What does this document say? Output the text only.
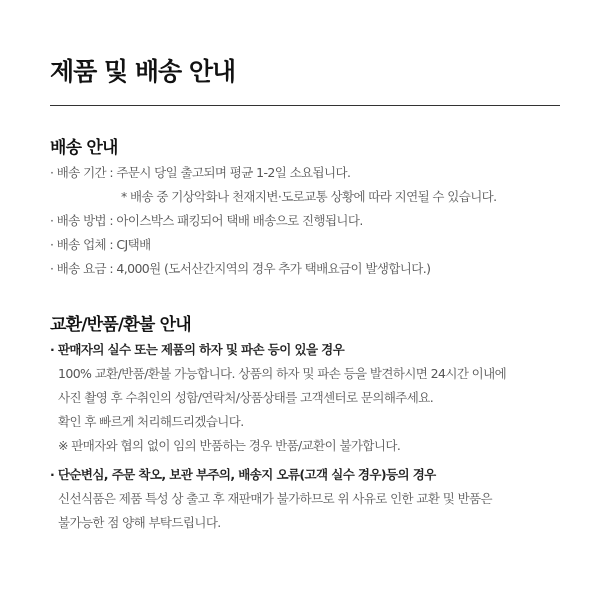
제품 및 배송 안내
배송 안내
· 배송 기간 : 주문시 당일 출고되며 평균 1-2일 소요됩니다.
* 배송 중 기상악화나 천재지변·도로교통 상황에 따라 지연될 수 있습니다.
· 배송 방법 : 아이스박스 패킹되어 택배 배송으로 진행됩니다.
· 배송 업체 : CJ택배
· 배송 요금 : 4,000원 (도서산간지역의 경우 추가 택배요금이 발생합니다.)
교환/반품/환불 안내
· 판매자의 실수 또는 제품의 하자 및 파손 등이 있을 경우
100% 교환/반품/환불 가능합니다. 상품의 하자 및 파손 등을 발견하시면 24시간 이내에
사진 촬영 후 수취인의 성함/연락처/상품상태를 고객센터로 문의해주세요.
확인 후 빠르게 처리해드리겠습니다.
※ 판매자와 협의 없이 임의 반품하는 경우 반품/교환이 불가합니다.
· 단순변심, 주문 착오, 보관 부주의, 배송지 오류(고객 실수 경우)등의 경우
신선식품은 제품 특성 상 출고 후 재판매가 불가하므로 위 사유로 인한 교환 및 반품은
불가능한 점 양해 부탁드립니다.
